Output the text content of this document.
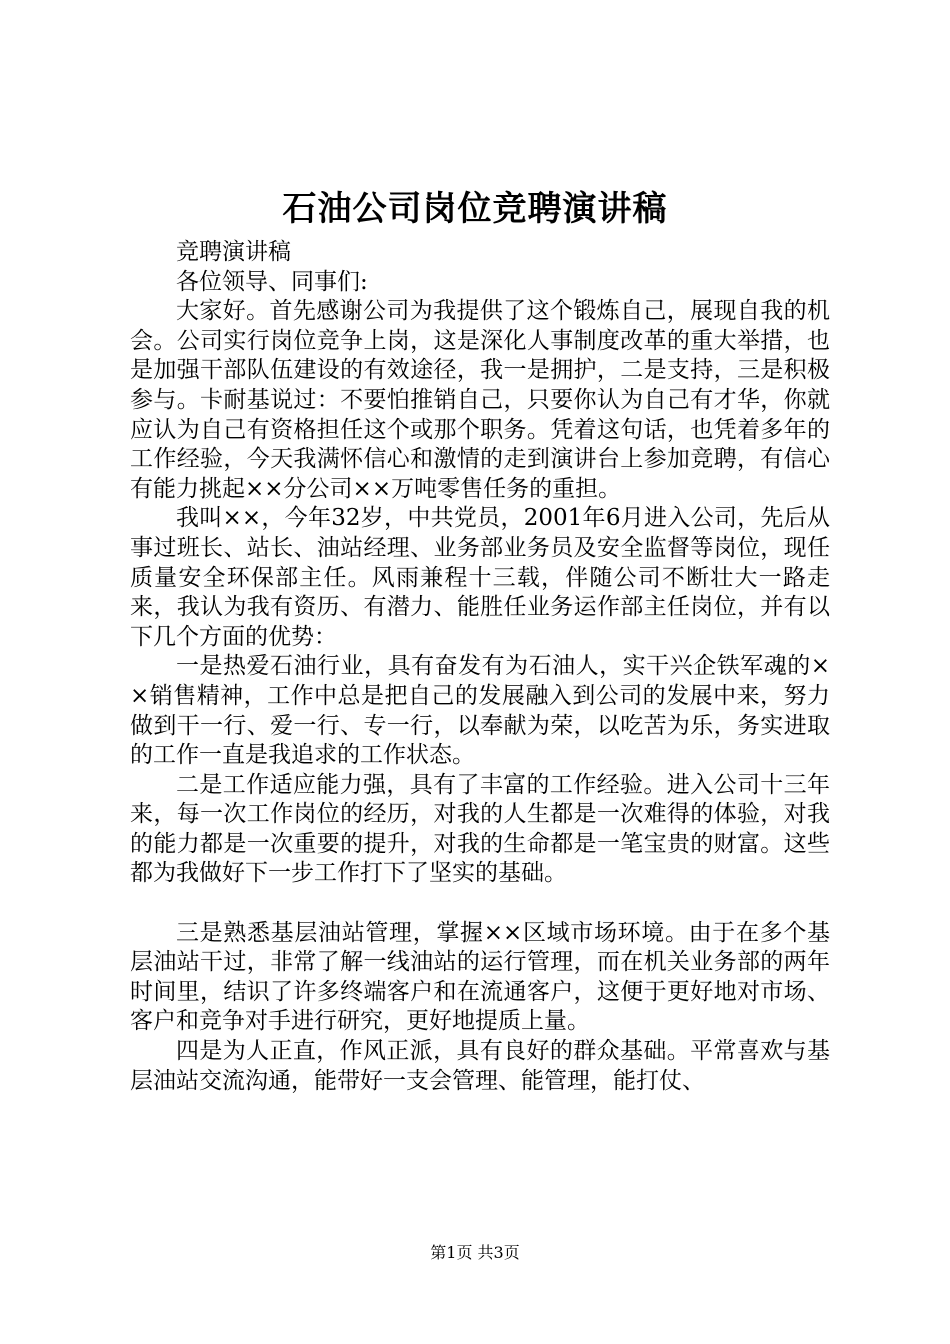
石油公司岗位竞聘演讲稿

竞聘演讲稿

各位领导、同事们:

大家好。首先感谢公司为我提供了这个锻炼自己，展现自我的机会。公司实行岗位竞争上岗，这是深化人事制度改革的重大举措，也是加强干部队伍建设的有效途径，我一是拥护，二是支持，三是积极参与。卡耐基说过：不要怕推销自己，只要你认为自己有才华，你就应认为自己有资格担任这个或那个职务。凭着这句话，也凭着多年的工作经验，今天我满怀信心和激情的走到演讲台上参加竞聘，有信心有能力挑起××分公司××万吨零售任务的重担。

我叫××，今年32岁，中共党员，2001年6月进入公司，先后从事过班长、站长、油站经理、业务部业务员及安全监督等岗位，现任质量安全环保部主任。风雨兼程十三载，伴随公司不断壮大一路走来，我认为我有资历、有潜力、能胜任业务运作部主任岗位，并有以下几个方面的优势：

一是热爱石油行业，具有奋发有为石油人，实干兴企铁军魂的××销售精神，工作中总是把自己的发展融入到公司的发展中来，努力做到干一行、爱一行、专一行，以奉献为荣，以吃苦为乐，务实进取的工作一直是我追求的工作状态。

二是工作适应能力强，具有了丰富的工作经验。进入公司十三年来，每一次工作岗位的经历，对我的人生都是一次难得的体验，对我的能力都是一次重要的提升，对我的生命都是一笔宝贵的财富。这些都为我做好下一步工作打下了坚实的基础。

三是熟悉基层油站管理，掌握××区域市场环境。由于在多个基层油站干过，非常了解一线油站的运行管理，而在机关业务部的两年时间里，结识了许多终端客户和在流通客户，这便于更好地对市场、客户和竞争对手进行研究，更好地提质上量。

四是为人正直，作风正派，具有良好的群众基础。平常喜欢与基层油站交流沟通，能带好一支会管理、能管理，能打仗、

第1页 共3页
